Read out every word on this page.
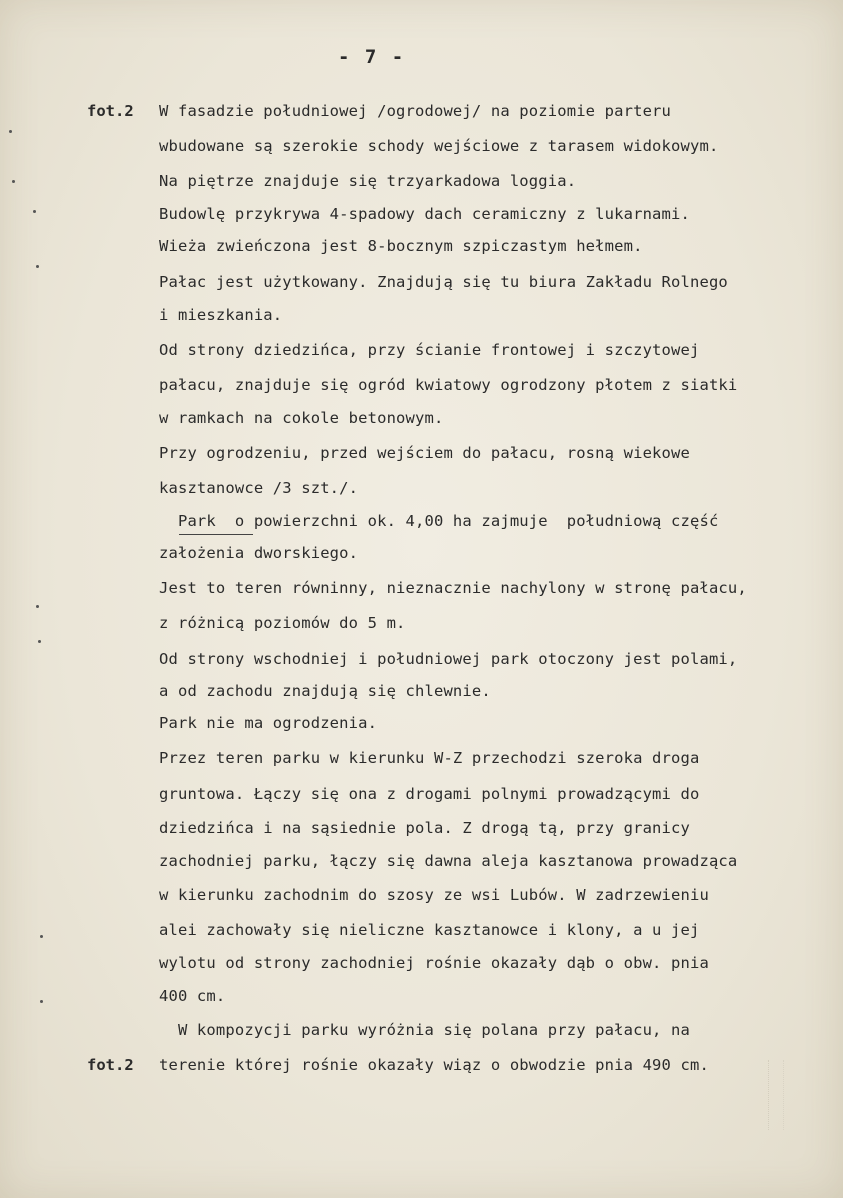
- 7 -
fot.2
fot.2
W fasadzie południowej /ogrodowej/ na poziomie parteru
wbudowane są szerokie schody wejściowe z tarasem widokowym.
Na piętrze znajduje się trzyarkadowa loggia.
Budowlę przykrywa 4-spadowy dach ceramiczny z lukarnami.
Wieża zwieńczona jest 8-bocznym szpiczastym hełmem.
Pałac jest użytkowany. Znajdują się tu biura Zakładu Rolnego
i mieszkania.
Od strony dziedzińca, przy ścianie frontowej i szczytowej
pałacu, znajduje się ogród kwiatowy ogrodzony płotem z siatki
w ramkach na cokole betonowym.
Przy ogrodzeniu, przed wejściem do pałacu, rosną wiekowe
kasztanowce /3 szt./.
Park  o powierzchni ok. 4,00 ha zajmuje  południową część
założenia dworskiego.
Jest to teren równinny, nieznacznie nachylony w stronę pałacu,
z różnicą poziomów do 5 m.
Od strony wschodniej i południowej park otoczony jest polami,
a od zachodu znajdują się chlewnie.
Park nie ma ogrodzenia.
Przez teren parku w kierunku W-Z przechodzi szeroka droga
gruntowa. Łączy się ona z drogami polnymi prowadzącymi do
dziedzińca i na sąsiednie pola. Z drogą tą, przy granicy
zachodniej parku, łączy się dawna aleja kasztanowa prowadząca
w kierunku zachodnim do szosy ze wsi Lubów. W zadrzewieniu
alei zachowały się nieliczne kasztanowce i klony, a u jej
wylotu od strony zachodniej rośnie okazały dąb o obw. pnia
400 cm.
W kompozycji parku wyróżnia się polana przy pałacu, na
terenie której rośnie okazały wiąz o obwodzie pnia 490 cm.
